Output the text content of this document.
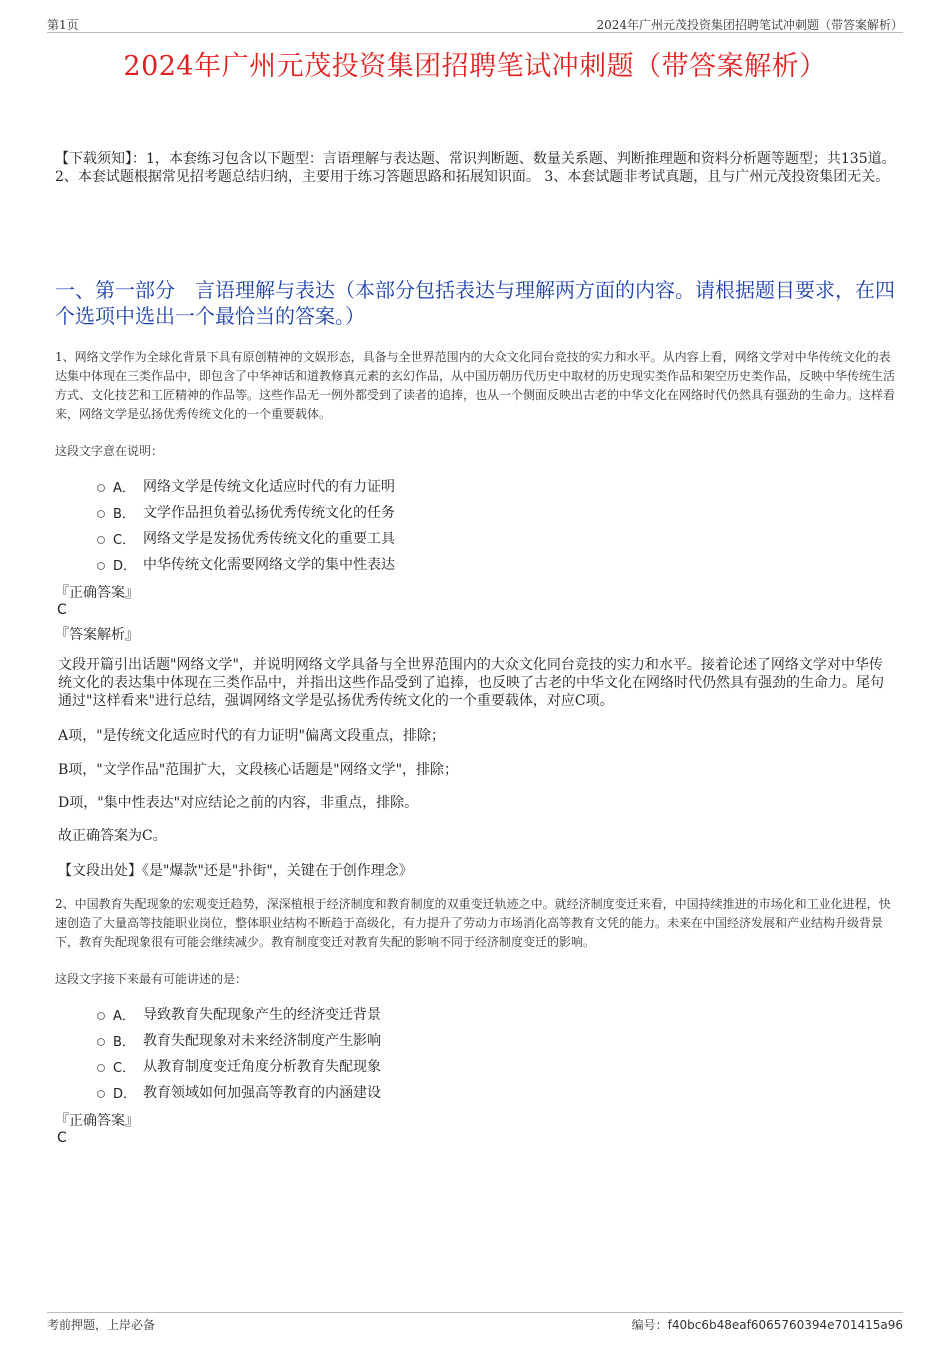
第1页	2024年广州元茂投资集团招聘笔试冲刺题（带答案解析）
2024年广州元茂投资集团招聘笔试冲刺题（带答案解析）
【下载须知】：1，本套练习包含以下题型：言语理解与表达题、常识判断题、数量关系题、判断推理题和资料分析题等题型；共135道。 2、本套试题根据常见招考题总结归纳，主要用于练习答题思路和拓展知识面。 3、本套试题非考试真题，且与广州元茂投资集团无关。
一、第一部分　言语理解与表达（本部分包括表达与理解两方面的内容。请根据题目要求，在四个选项中选出一个最恰当的答案。）
1、网络文学作为全球化背景下具有原创精神的文娱形态，具备与全世界范围内的大众文化同台竞技的实力和水平。从内容上看，网络文学对中华传统文化的表达集中体现在三类作品中，即包含了中华神话和道教修真元素的玄幻作品，从中国历朝历代历史中取材的历史现实类作品和架空历史类作品，反映中华传统生活方式、文化技艺和工匠精神的作品等。这些作品无一例外都受到了读者的追捧，也从一个侧面反映出古老的中华文化在网络时代仍然具有强劲的生命力。这样看来，网络文学是弘扬优秀传统文化的一个重要载体。
这段文字意在说明：
A． 网络文学是传统文化适应时代的有力证明
B． 文学作品担负着弘扬优秀传统文化的任务
C． 网络文学是发扬优秀传统文化的重要工具
D． 中华传统文化需要网络文学的集中性表达
『正确答案』
C
『答案解析』
文段开篇引出话题"网络文学"，并说明网络文学具备与全世界范围内的大众文化同台竞技的实力和水平。接着论述了网络文学对中华传统文化的表达集中体现在三类作品中，并指出这些作品受到了追捧，也反映了古老的中华文化在网络时代仍然具有强劲的生命力。尾句通过"这样看来"进行总结，强调网络文学是弘扬优秀传统文化的一个重要载体，对应C项。
A项，"是传统文化适应时代的有力证明"偏离文段重点，排除；
B项，"文学作品"范围扩大，文段核心话题是"网络文学"，排除；
D项，"集中性表达"对应结论之前的内容，非重点，排除。
故正确答案为C。
【文段出处】《是"爆款"还是"扑街"，关键在于创作理念》
2、中国教育失配现象的宏观变迁趋势，深深植根于经济制度和教育制度的双重变迁轨迹之中。就经济制度变迁来看，中国持续推进的市场化和工业化进程，快速创造了大量高等技能职业岗位，整体职业结构不断趋于高级化，有力提升了劳动力市场消化高等教育文凭的能力。未来在中国经济发展和产业结构升级背景下，教育失配现象很有可能会继续减少。教育制度变迁对教育失配的影响不同于经济制度变迁的影响。
这段文字接下来最有可能讲述的是：
A． 导致教育失配现象产生的经济变迁背景
B． 教育失配现象对未来经济制度产生影响
C． 从教育制度变迁角度分析教育失配现象
D． 教育领域如何加强高等教育的内涵建设
『正确答案』
C
考前押题，上岸必备	编号：f40bc6b48eaf6065760394e701415a96
